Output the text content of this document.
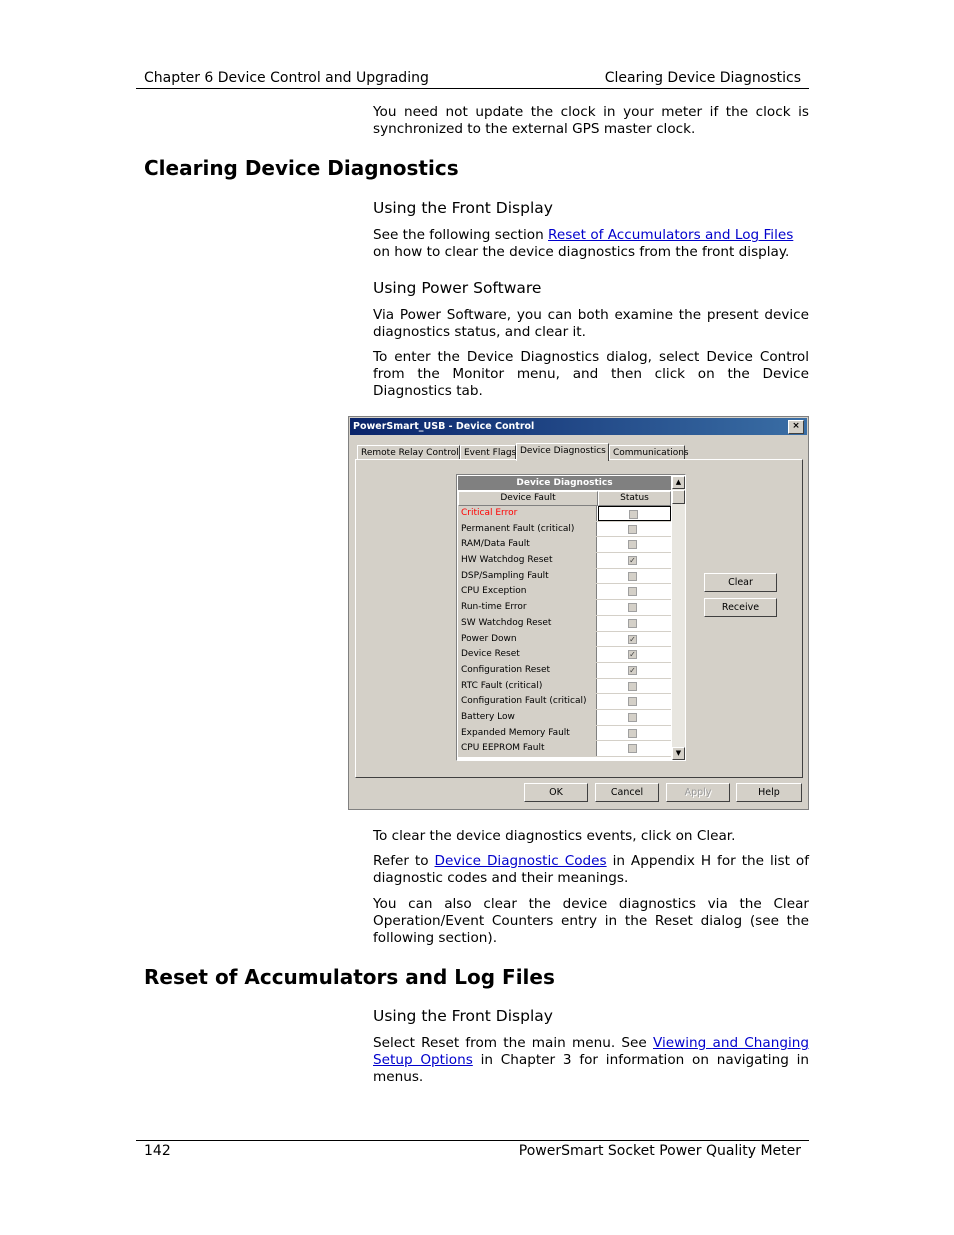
Chapter 6 Device Control and Upgrading	Clearing Device Diagnostics

You need not update the clock in your meter if the clock is synchronized to the external GPS master clock.

Clearing Device Diagnostics
Using the Front Display

See the following section Reset of Accumulators and Log Files on how to clear the device diagnostics from the front display.

Using Power Software

Via Power Software, you can both examine the present device diagnostics status, and clear it.

To enter the Device Diagnostics dialog, select Device Control from the Monitor menu, and then click on the Device Diagnostics tab.

PowerSmart_USB - Device Control	×
Remote Relay Control Event Flags Device Diagnostics Communications
Device Diagnostics
Device Fault	Status
Critical Error
Permanent Fault (critical)
RAM/Data Fault
HW Watchdog Reset	✓
DSP/Sampling Fault
CPU Exception
Run-time Error
SW Watchdog Reset
Power Down	✓
Device Reset	✓
Configuration Reset	✓
RTC Fault (critical)
Configuration Fault (critical)
Battery Low
Expanded Memory Fault
CPU EEPROM Fault
▲
▼
Clear
Receive
OK	Cancel	Apply	Help

To clear the device diagnostics events, click on Clear.

Refer to Device Diagnostic Codes in Appendix H for the list of diagnostic codes and their meanings.

You can also clear the device diagnostics via the Clear Operation/Event Counters entry in the Reset dialog (see the following section).

Reset of Accumulators and Log Files
Using the Front Display

Select Reset from the main menu. See Viewing and Changing Setup Options in Chapter 3 for information on navigating in menus.

142	PowerSmart Socket Power Quality Meter
